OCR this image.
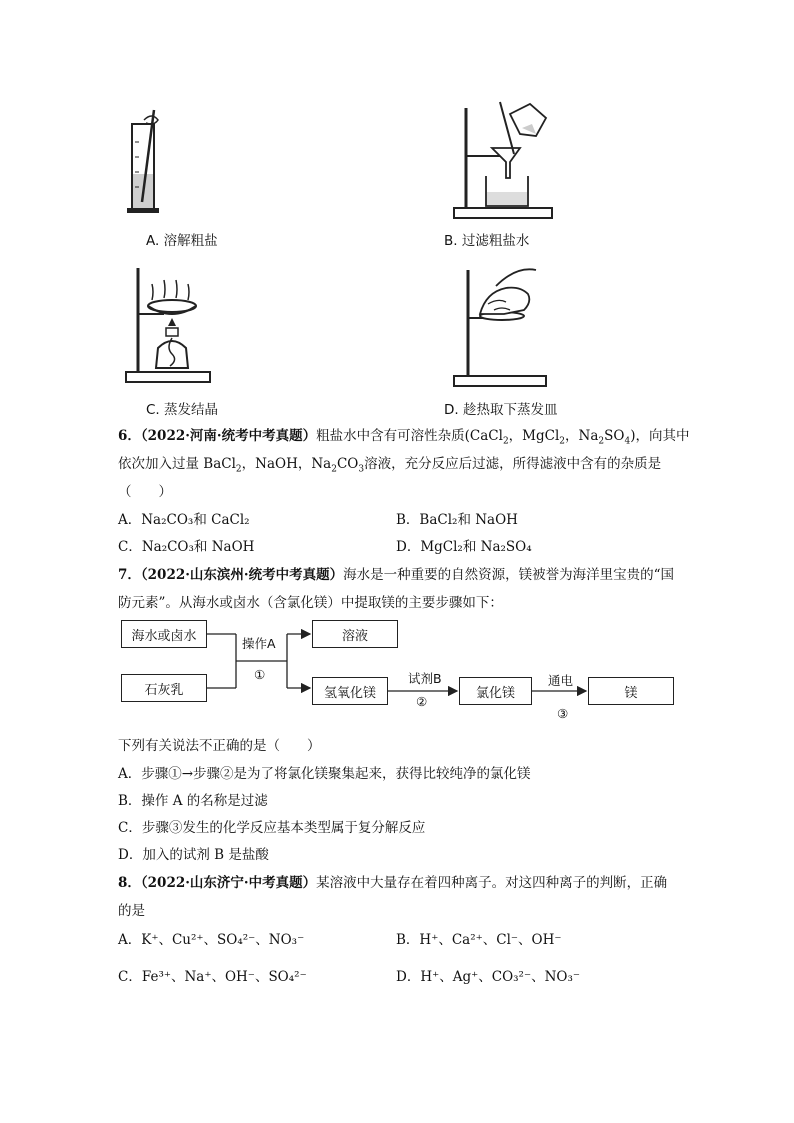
A. 溶解粗盐	B. 过滤粗盐水
C. 蒸发结晶	D. 趁热取下蒸发皿
6．（2022·河南·统考中考真题）粗盐水中含有可溶性杂质(CaCl$_2$，MgCl$_2$，$Na_2SO_4$)，向其中
依次加入过量 BaCl$_2$，NaOH，$Na_2CO_3$溶液，充分反应后过滤，所得滤液中含有的杂质是
（　　）
A．Na₂CO₃和 CaCl₂	B．BaCl₂和 NaOH
C．Na₂CO₃和 NaOH	D．MgCl₂和 Na₂SO₄
7．（2022·山东滨州·统考中考真题）海水是一种重要的自然资源，镁被誉为海洋里宝贵的“国
防元素”。从海水或卤水（含氯化镁）中提取镁的主要步骤如下：
海水或卤水
石灰乳
操作A
①
溶液
氢氧化镁
试剂B
②
氯化镁
通电
③
镁
下列有关说法不正确的是（　　）
A．步骤①→步骤②是为了将氯化镁聚集起来，获得比较纯净的氯化镁
B．操作 A 的名称是过滤
C．步骤③发生的化学反应基本类型属于复分解反应
D．加入的试剂 B 是盐酸
8．（2022·山东济宁·中考真题）某溶液中大量存在着四种离子。对这四种离子的判断，正确
的是
A．K⁺、Cu²⁺、SO₄²⁻、NO₃⁻	B．H⁺、Ca²⁺、Cl⁻、OH⁻
C．Fe³⁺、Na⁺、OH⁻、SO₄²⁻	D．H⁺、Ag⁺、CO₃²⁻、NO₃⁻
